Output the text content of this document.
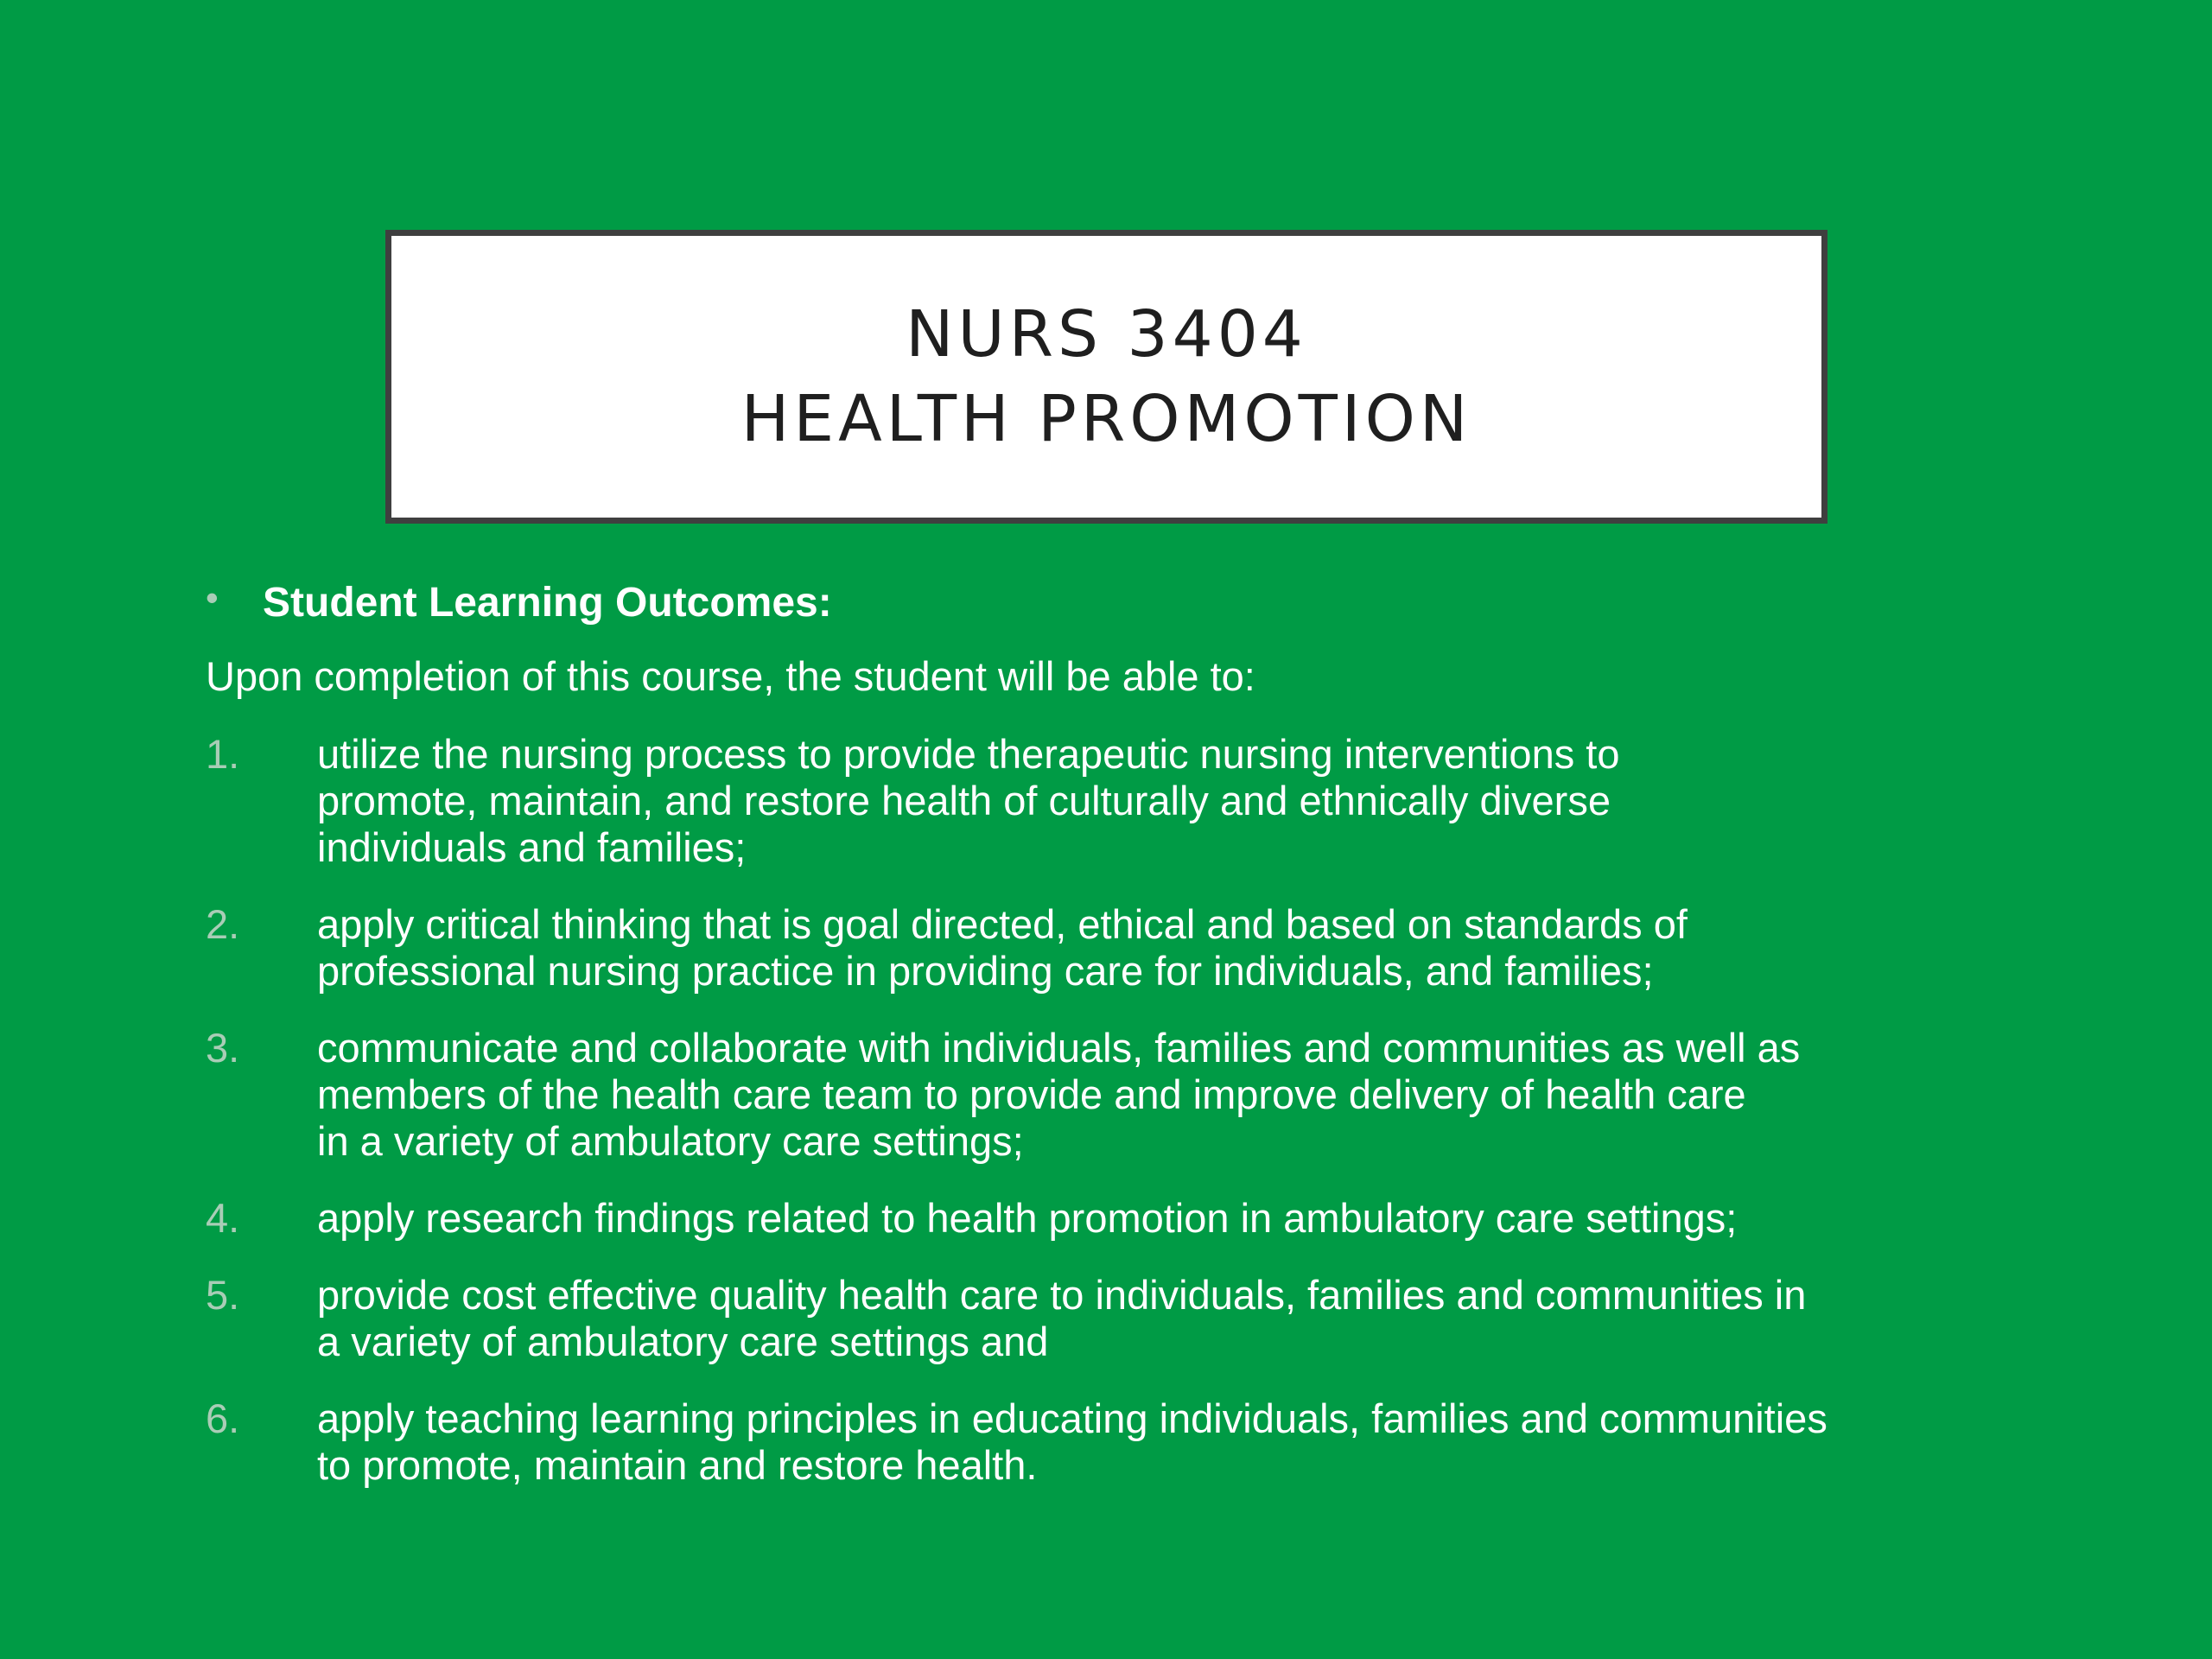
NURS 3404
HEALTH PROMOTION
• Student Learning Outcomes:
Upon completion of this course, the student will be able to:
1.	utilize the nursing process to provide therapeutic nursing interventions to
promote, maintain, and restore health of culturally and ethnically diverse
individuals and families;
2.	apply critical thinking that is goal directed, ethical and based on standards of
professional nursing practice in providing care for individuals, and families;
3.	communicate and collaborate with individuals, families and communities as well as
members of the health care team to provide and improve delivery of health care
in a variety of ambulatory care settings;
4.	apply research findings related to health promotion in ambulatory care settings;
5.	provide cost effective quality health care to individuals, families and communities in
a variety of ambulatory care settings and
6.	apply teaching learning principles in educating individuals, families and communities
to promote, maintain and restore health.
